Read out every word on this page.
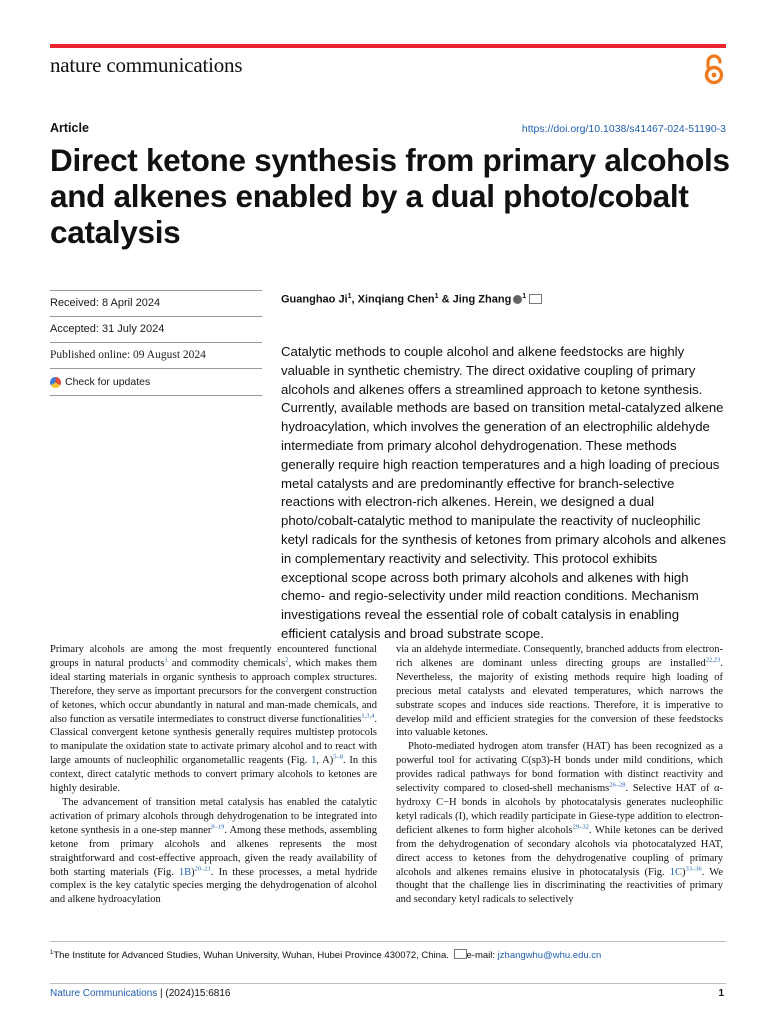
nature communications
Article	https://doi.org/10.1038/s41467-024-51190-3
Direct ketone synthesis from primary alcohols and alkenes enabled by a dual photo/cobalt catalysis
Received: 8 April 2024
Accepted: 31 July 2024
Published online: 09 August 2024
Check for updates
Guanghao Ji$^1$, Xinqiang Chen$^1$ & Jing Zhang $^1$

Catalytic methods to couple alcohol and alkene feedstocks are highly valuable in synthetic chemistry. The direct oxidative coupling of primary alcohols and alkenes offers a streamlined approach to ketone synthesis. Currently, available methods are based on transition metal-catalyzed alkene hydroacylation, which involves the generation of an electrophilic aldehyde intermediate from primary alcohol dehydrogenation. These methods generally require high reaction temperatures and a high loading of precious metal catalysts and are predominantly effective for branch-selective reactions with electron-rich alkenes. Herein, we designed a dual photo/cobalt-catalytic method to manipulate the reactivity of nucleophilic ketyl radicals for the synthesis of ketones from primary alcohols and alkenes in complementary reactivity and selectivity. This protocol exhibits exceptional scope across both primary alcohols and alkenes with high chemo- and regio-selectivity under mild reaction conditions. Mechanism investigations reveal the essential role of cobalt catalysis in enabling efficient catalysis and broad substrate scope.

Primary alcohols are among the most frequently encountered functional groups in natural products$^1$ and commodity chemicals$^2$, which makes them ideal starting materials in organic synthesis to approach complex structures. Therefore, they serve as important precursors for the convergent construction of ketones, which occur abundantly in natural and man-made chemicals, and also function as versatile intermediates to construct diverse functionalities$^{1,3,4}$. Classical convergent ketone synthesis generally requires multistep protocols to manipulate the oxidation state to activate primary alcohol and to react with large amounts of nucleophilic organometallic reagents (Fig. 1, A)$^{5-8}$. In this context, direct catalytic methods to convert primary alcohols to ketones are highly desirable.

The advancement of transition metal catalysis has enabled the catalytic activation of primary alcohols through dehydrogenation to be integrated into ketone synthesis in a one-step manner$^{9-19}$. Among these methods, assembling ketone from primary alcohols and alkenes represents the most straightforward and cost-effective approach, given the ready availability of both starting materials (Fig. 1B)$^{20-21}$. In these processes, a metal hydride complex is the key catalytic species merging the dehydrogenation of alcohol and alkene hydroacylation

via an aldehyde intermediate. Consequently, branched adducts from electron-rich alkenes are dominant unless directing groups are installed$^{22,23}$. Nevertheless, the majority of existing methods require high loading of precious metal catalysts and elevated temperatures, which narrows the substrate scopes and induces side reactions. Therefore, it is imperative to develop mild and efficient strategies for the conversion of these feedstocks into valuable ketones.

Photo-mediated hydrogen atom transfer (HAT) has been recognized as a powerful tool for activating C(sp3)-H bonds under mild conditions, which provides radical pathways for bond formation with distinct reactivity and selectivity compared to closed-shell mechanisms$^{26-28}$. Selective HAT of α-hydroxy C−H bonds in alcohols by photocatalysis generates nucleophilic ketyl radicals (I), which readily participate in Giese-type addition to electron-deficient alkenes to form higher alcohols$^{29-32}$. While ketones can be derived from the dehydrogenation of secondary alcohols via photocatalyzed HAT, direct access to ketones from the dehydrogenative coupling of primary alcohols and alkenes remains elusive in photocatalysis (Fig. 1C)$^{33-36}$. We thought that the challenge lies in discriminating the reactivities of primary and secondary ketyl radicals to selectively

$^1$The Institute for Advanced Studies, Wuhan University, Wuhan, Hubei Province 430072, China. e-mail: jzhangwhu@whu.edu.cn
Nature Communications | (2024)15:6816	1
